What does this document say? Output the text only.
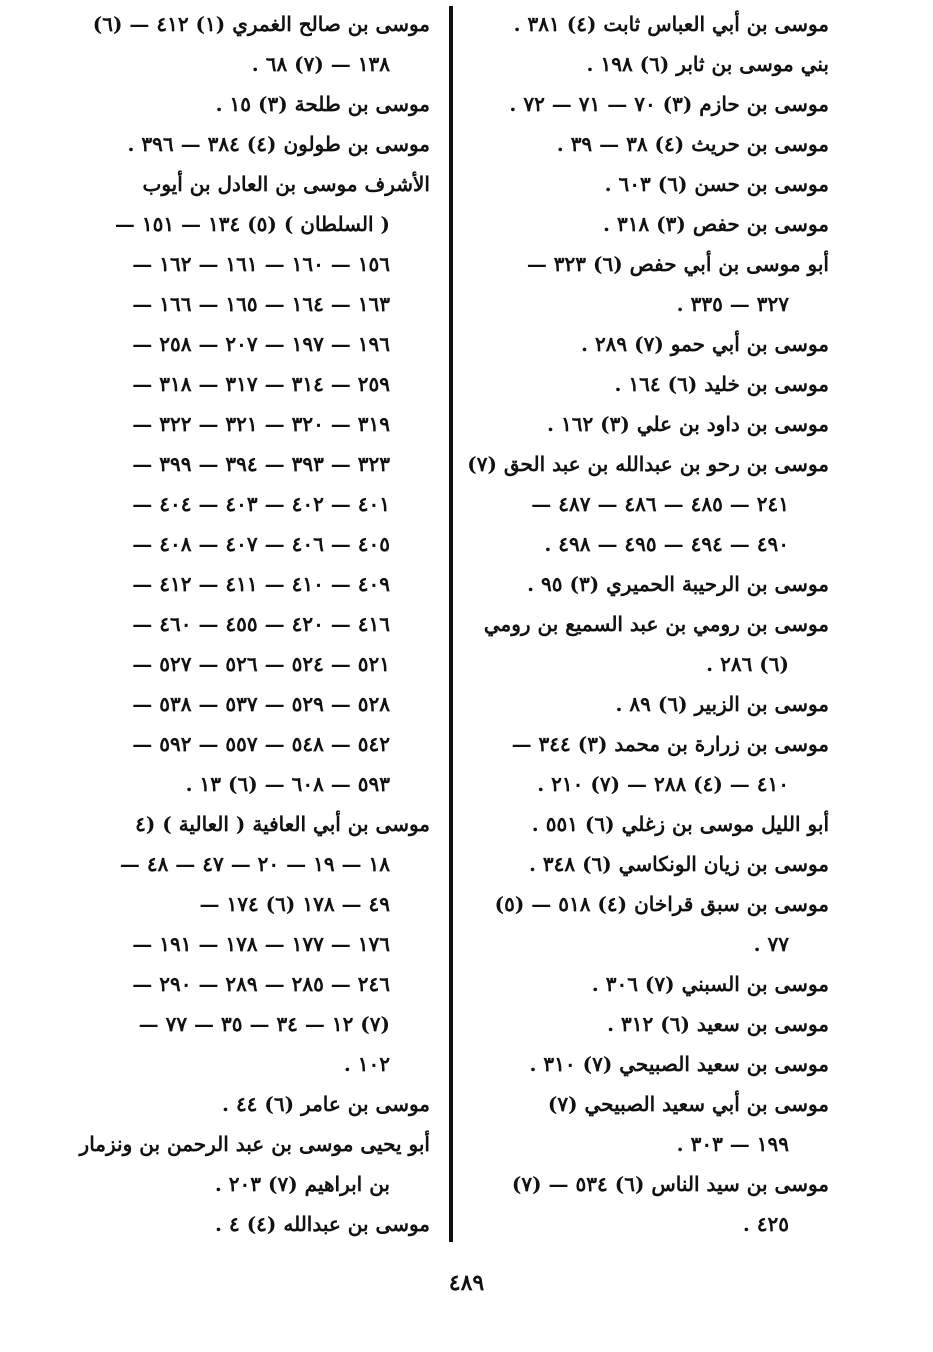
موسى بن أبي العباس ثابت (٤) ٣٨١ .
بني موسى بن ثابر (٦) ١٩٨ .
موسى بن حازم (٣) ٧٠ — ٧١ — ٧٢ .
موسى بن حريث (٤) ٣٨ — ٣٩ .
موسى بن حسن (٦) ٦٠٣ .
موسى بن حفص (٣) ٣١٨ .
أبو موسى بن أبي حفص (٦) ٣٢٣ —
٣٢٧ — ٣٣٥ .
موسى بن أبي حمو (٧) ٢٨٩ .
موسى بن خليد (٦) ١٦٤ .
موسى بن داود بن علي (٣) ١٦٢ .
موسى بن رحو بن عبدالله بن عبد الحق (٧)
٢٤١ — ٤٨٥ — ٤٨٦ — ٤٨٧ —
٤٩٠ — ٤٩٤ — ٤٩٥ — ٤٩٨ .
موسى بن الرحيبة الحميري (٣) ٩٥ .
موسى بن رومي بن عبد السميع بن رومي
(٦) ٢٨٦ .
موسى بن الزبير (٦) ٨٩ .
موسى بن زرارة بن محمد (٣) ٣٤٤ —
٤١٠ — (٤) ٢٨٨ — (٧) ٢١٠ .
أبو الليل موسى بن زغلي (٦) ٥٥١ .
موسى بن زيان الونكاسي (٦) ٣٤٨ .
موسى بن سبق قراخان (٤) ٥١٨ — (٥)
٧٧ .
موسى بن السبني (٧) ٣٠٦ .
موسى بن سعيد (٦) ٣١٢ .
موسى بن سعيد الصبيحي (٧) ٣١٠ .
موسى بن أبي سعيد الصبيحي (٧)
١٩٩ — ٣٠٣ .
موسى بن سيد الناس (٦) ٥٣٤ — (٧)
٤٢٥ .
موسى بن صالح الغمري (١) ٤١٢ — (٦)
١٣٨ — (٧) ٦٨ .
موسى بن طلحة (٣) ١٥ .
موسى بن طولون (٤) ٣٨٤ — ٣٩٦ .
الأشرف موسى بن العادل بن أيوب
( السلطان ) (٥) ١٣٤ — ١٥١ —
١٥٦ — ١٦٠ — ١٦١ — ١٦٢ —
١٦٣ — ١٦٤ — ١٦٥ — ١٦٦ —
١٩٦ — ١٩٧ — ٢٠٧ — ٢٥٨ —
٢٥٩ — ٣١٤ — ٣١٧ — ٣١٨ —
٣١٩ — ٣٢٠ — ٣٢١ — ٣٢٢ —
٣٢٣ — ٣٩٣ — ٣٩٤ — ٣٩٩ —
٤٠١ — ٤٠٢ — ٤٠٣ — ٤٠٤ —
٤٠٥ — ٤٠٦ — ٤٠٧ — ٤٠٨ —
٤٠٩ — ٤١٠ — ٤١١ — ٤١٢ —
٤١٦ — ٤٢٠ — ٤٥٥ — ٤٦٠ —
٥٢١ — ٥٢٤ — ٥٢٦ — ٥٢٧ —
٥٢٨ — ٥٢٩ — ٥٣٧ — ٥٣٨ —
٥٤٢ — ٥٤٨ — ٥٥٧ — ٥٩٢ —
٥٩٣ — ٦٠٨ — (٦) ١٣ .
موسى بن أبي العافية ( العالية ) (٤
١٨ — ١٩ — ٢٠ — ٤٧ — ٤٨ —
٤٩ — ١٧٨ (٦) ١٧٤ —
١٧٦ — ١٧٧ — ١٧٨ — ١٩١ —
٢٤٦ — ٢٨٥ — ٢٨٩ — ٢٩٠ —
(٧) ١٢ — ٣٤ — ٣٥ — ٧٧ —
١٠٢ .
موسى بن عامر (٦) ٤٤ .
أبو يحيى موسى بن عبد الرحمن بن ونزمار
بن ابراهيم (٧) ٢٠٣ .
موسى بن عبدالله (٤) ٤ .
٤٨٩
